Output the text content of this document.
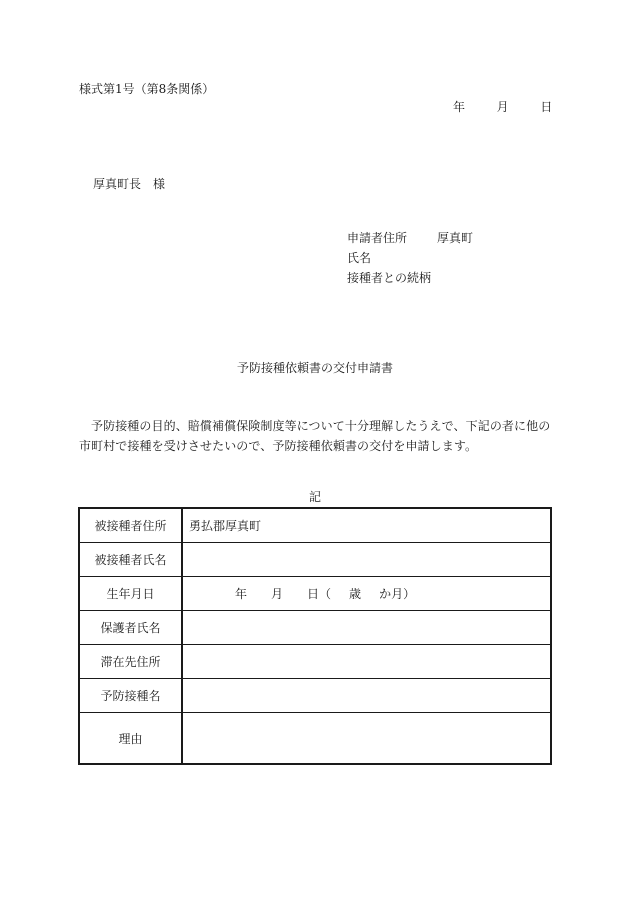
様式第1号（第8条関係）
年	月	日
厚真町長　様
申請者住所	厚真町
氏名
接種者との続柄
予防接種依頼書の交付申請書
予防接種の目的、賠償補償保険制度等について十分理解したうえで、下記の者に他の市町村で接種を受けさせたいので、予防接種依頼書の交付を申請します。
記
被接種者住所	勇払郡厚真町
被接種者氏名	
生年月日	年 月 日（ 歳 か月）
保護者氏名	
滞在先住所	
予防接種名	
理由	
